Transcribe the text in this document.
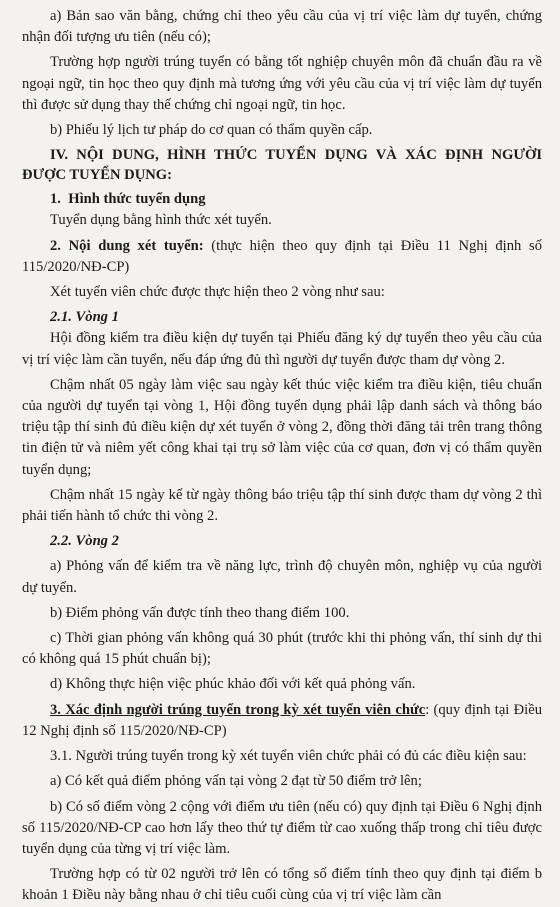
a) Bản sao văn bằng, chứng chỉ theo yêu cầu của vị trí việc làm dự tuyển, chứng nhận đối tượng ưu tiên (nếu có);

Trường hợp người trúng tuyển có bằng tốt nghiệp chuyên môn đã chuẩn đầu ra về ngoại ngữ, tin học theo quy định mà tương ứng với yêu cầu của vị trí việc làm dự tuyển thì được sử dụng thay thế chứng chỉ ngoại ngữ, tin học.

b) Phiếu lý lịch tư pháp do cơ quan có thẩm quyền cấp.

IV. NỘI DUNG, HÌNH THỨC TUYỂN DỤNG VÀ XÁC ĐỊNH NGƯỜI ĐƯỢC TUYỂN DỤNG:

1. Hình thức tuyển dụng

Tuyển dụng bằng hình thức xét tuyển.

2. Nội dung xét tuyển: (thực hiện theo quy định tại Điều 11 Nghị định số 115/2020/NĐ-CP)

Xét tuyển viên chức được thực hiện theo 2 vòng như sau:

2.1. Vòng 1

Hội đồng kiểm tra điều kiện dự tuyển tại Phiếu đăng ký dự tuyển theo yêu cầu của vị trí việc làm cần tuyển, nếu đáp ứng đủ thì người dự tuyển được tham dự vòng 2.

Chậm nhất 05 ngày làm việc sau ngày kết thúc việc kiểm tra điều kiện, tiêu chuẩn của người dự tuyển tại vòng 1, Hội đồng tuyển dụng phải lập danh sách và thông báo triệu tập thí sinh đủ điều kiện dự xét tuyển ở vòng 2, đồng thời đăng tải trên trang thông tin điện tử và niêm yết công khai tại trụ sở làm việc của cơ quan, đơn vị có thẩm quyền tuyển dụng;

Chậm nhất 15 ngày kể từ ngày thông báo triệu tập thí sinh được tham dự vòng 2 thì phải tiến hành tổ chức thi vòng 2.

2.2. Vòng 2

a) Phỏng vấn để kiểm tra về năng lực, trình độ chuyên môn, nghiệp vụ của người dự tuyển.

b) Điểm phỏng vấn được tính theo thang điểm 100.

c) Thời gian phỏng vấn không quá 30 phút (trước khi thi phỏng vấn, thí sinh dự thi có không quá 15 phút chuẩn bị);

d) Không thực hiện việc phúc khảo đối với kết quả phỏng vấn.

3. Xác định người trúng tuyển trong kỳ xét tuyển viên chức: (quy định tại Điều 12 Nghị định số 115/2020/NĐ-CP)

3.1. Người trúng tuyển trong kỳ xét tuyển viên chức phải có đủ các điều kiện sau:

a) Có kết quả điểm phỏng vấn tại vòng 2 đạt từ 50 điểm trở lên;

b) Có số điểm vòng 2 cộng với điểm ưu tiên (nếu có) quy định tại Điều 6 Nghị định số 115/2020/NĐ-CP cao hơn lấy theo thứ tự điểm từ cao xuống thấp trong chỉ tiêu được tuyển dụng của từng vị trí việc làm.

Trường hợp có từ 02 người trở lên có tổng số điểm tính theo quy định tại điểm b khoản 1 Điều này bằng nhau ở chỉ tiêu cuối cùng của vị trí việc làm cần
